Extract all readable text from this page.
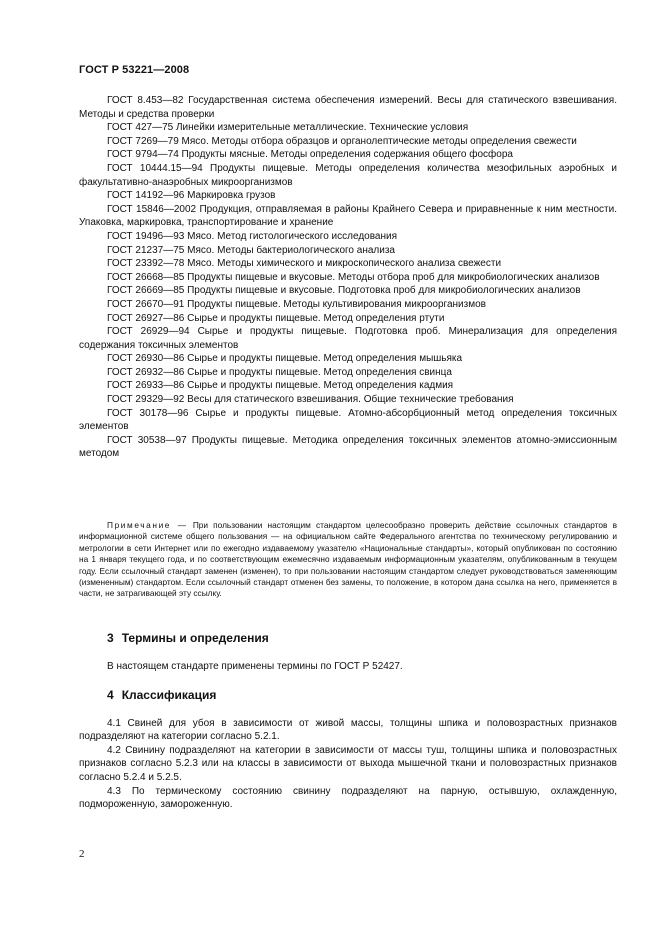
ГОСТ Р 53221—2008

ГОСТ 8.453—82 Государственная система обеспечения измерений. Весы для статического взвешивания. Методы и средства проверки

ГОСТ 427—75 Линейки измерительные металлические. Технические условия

ГОСТ 7269—79 Мясо. Методы отбора образцов и органолептические методы определения свежести

ГОСТ 9794—74 Продукты мясные. Методы определения содержания общего фосфора

ГОСТ 10444.15—94 Продукты пищевые. Методы определения количества мезофильных аэробных и факультативно-анаэробных микроорганизмов

ГОСТ 14192—96 Маркировка грузов

ГОСТ 15846—2002 Продукция, отправляемая в районы Крайнего Севера и приравненные к ним местности. Упаковка, маркировка, транспортирование и хранение

ГОСТ 19496—93 Мясо. Метод гистологического исследования

ГОСТ 21237—75 Мясо. Методы бактериологического анализа

ГОСТ 23392—78 Мясо. Методы химического и микроскопического анализа свежести

ГОСТ 26668—85 Продукты пищевые и вкусовые. Методы отбора проб для микробиологических анализов

ГОСТ 26669—85 Продукты пищевые и вкусовые. Подготовка проб для микробиологических анализов

ГОСТ 26670—91 Продукты пищевые. Методы культивирования микроорганизмов

ГОСТ 26927—86 Сырье и продукты пищевые. Метод определения ртути

ГОСТ 26929—94 Сырье и продукты пищевые. Подготовка проб. Минерализация для определения содержания токсичных элементов

ГОСТ 26930—86 Сырье и продукты пищевые. Метод определения мышьяка

ГОСТ 26932—86 Сырье и продукты пищевые. Метод определения свинца

ГОСТ 26933—86 Сырье и продукты пищевые. Метод определения кадмия

ГОСТ 29329—92 Весы для статического взвешивания. Общие технические требования

ГОСТ 30178—96 Сырье и продукты пищевые. Атомно-абсорбционный метод определения токсичных элементов

ГОСТ 30538—97 Продукты пищевые. Методика определения токсичных элементов атомно-эмиссионным методом

Примечание — При пользовании настоящим стандартом целесообразно проверить действие ссылочных стандартов в информационной системе общего пользования — на официальном сайте Федерального агентства по техническому регулированию и метрологии в сети Интернет или по ежегодно издаваемому указателю «Национальные стандарты», который опубликован по состоянию на 1 января текущего года, и по соответствующим ежемесячно издаваемым информационным указателям, опубликованным в текущем году. Если ссылочный стандарт заменен (изменен), то при пользовании настоящим стандартом следует руководствоваться заменяющим (измененным) стандартом. Если ссылочный стандарт отменен без замены, то положение, в котором дана ссылка на него, применяется в части, не затрагивающей эту ссылку.

3 Термины и определения

В настоящем стандарте применены термины по ГОСТ Р 52427.

4 Классификация

4.1 Свиней для убоя в зависимости от живой массы, толщины шпика и половозрастных признаков подразделяют на категории согласно 5.2.1.

4.2 Свинину подразделяют на категории в зависимости от массы туш, толщины шпика и половозрастных признаков согласно 5.2.3 или на классы в зависимости от выхода мышечной ткани и половозрастных признаков согласно 5.2.4 и 5.2.5.

4.3 По термическому состоянию свинину подразделяют на парную, остывшую, охлажденную, подмороженную, замороженную.

2
